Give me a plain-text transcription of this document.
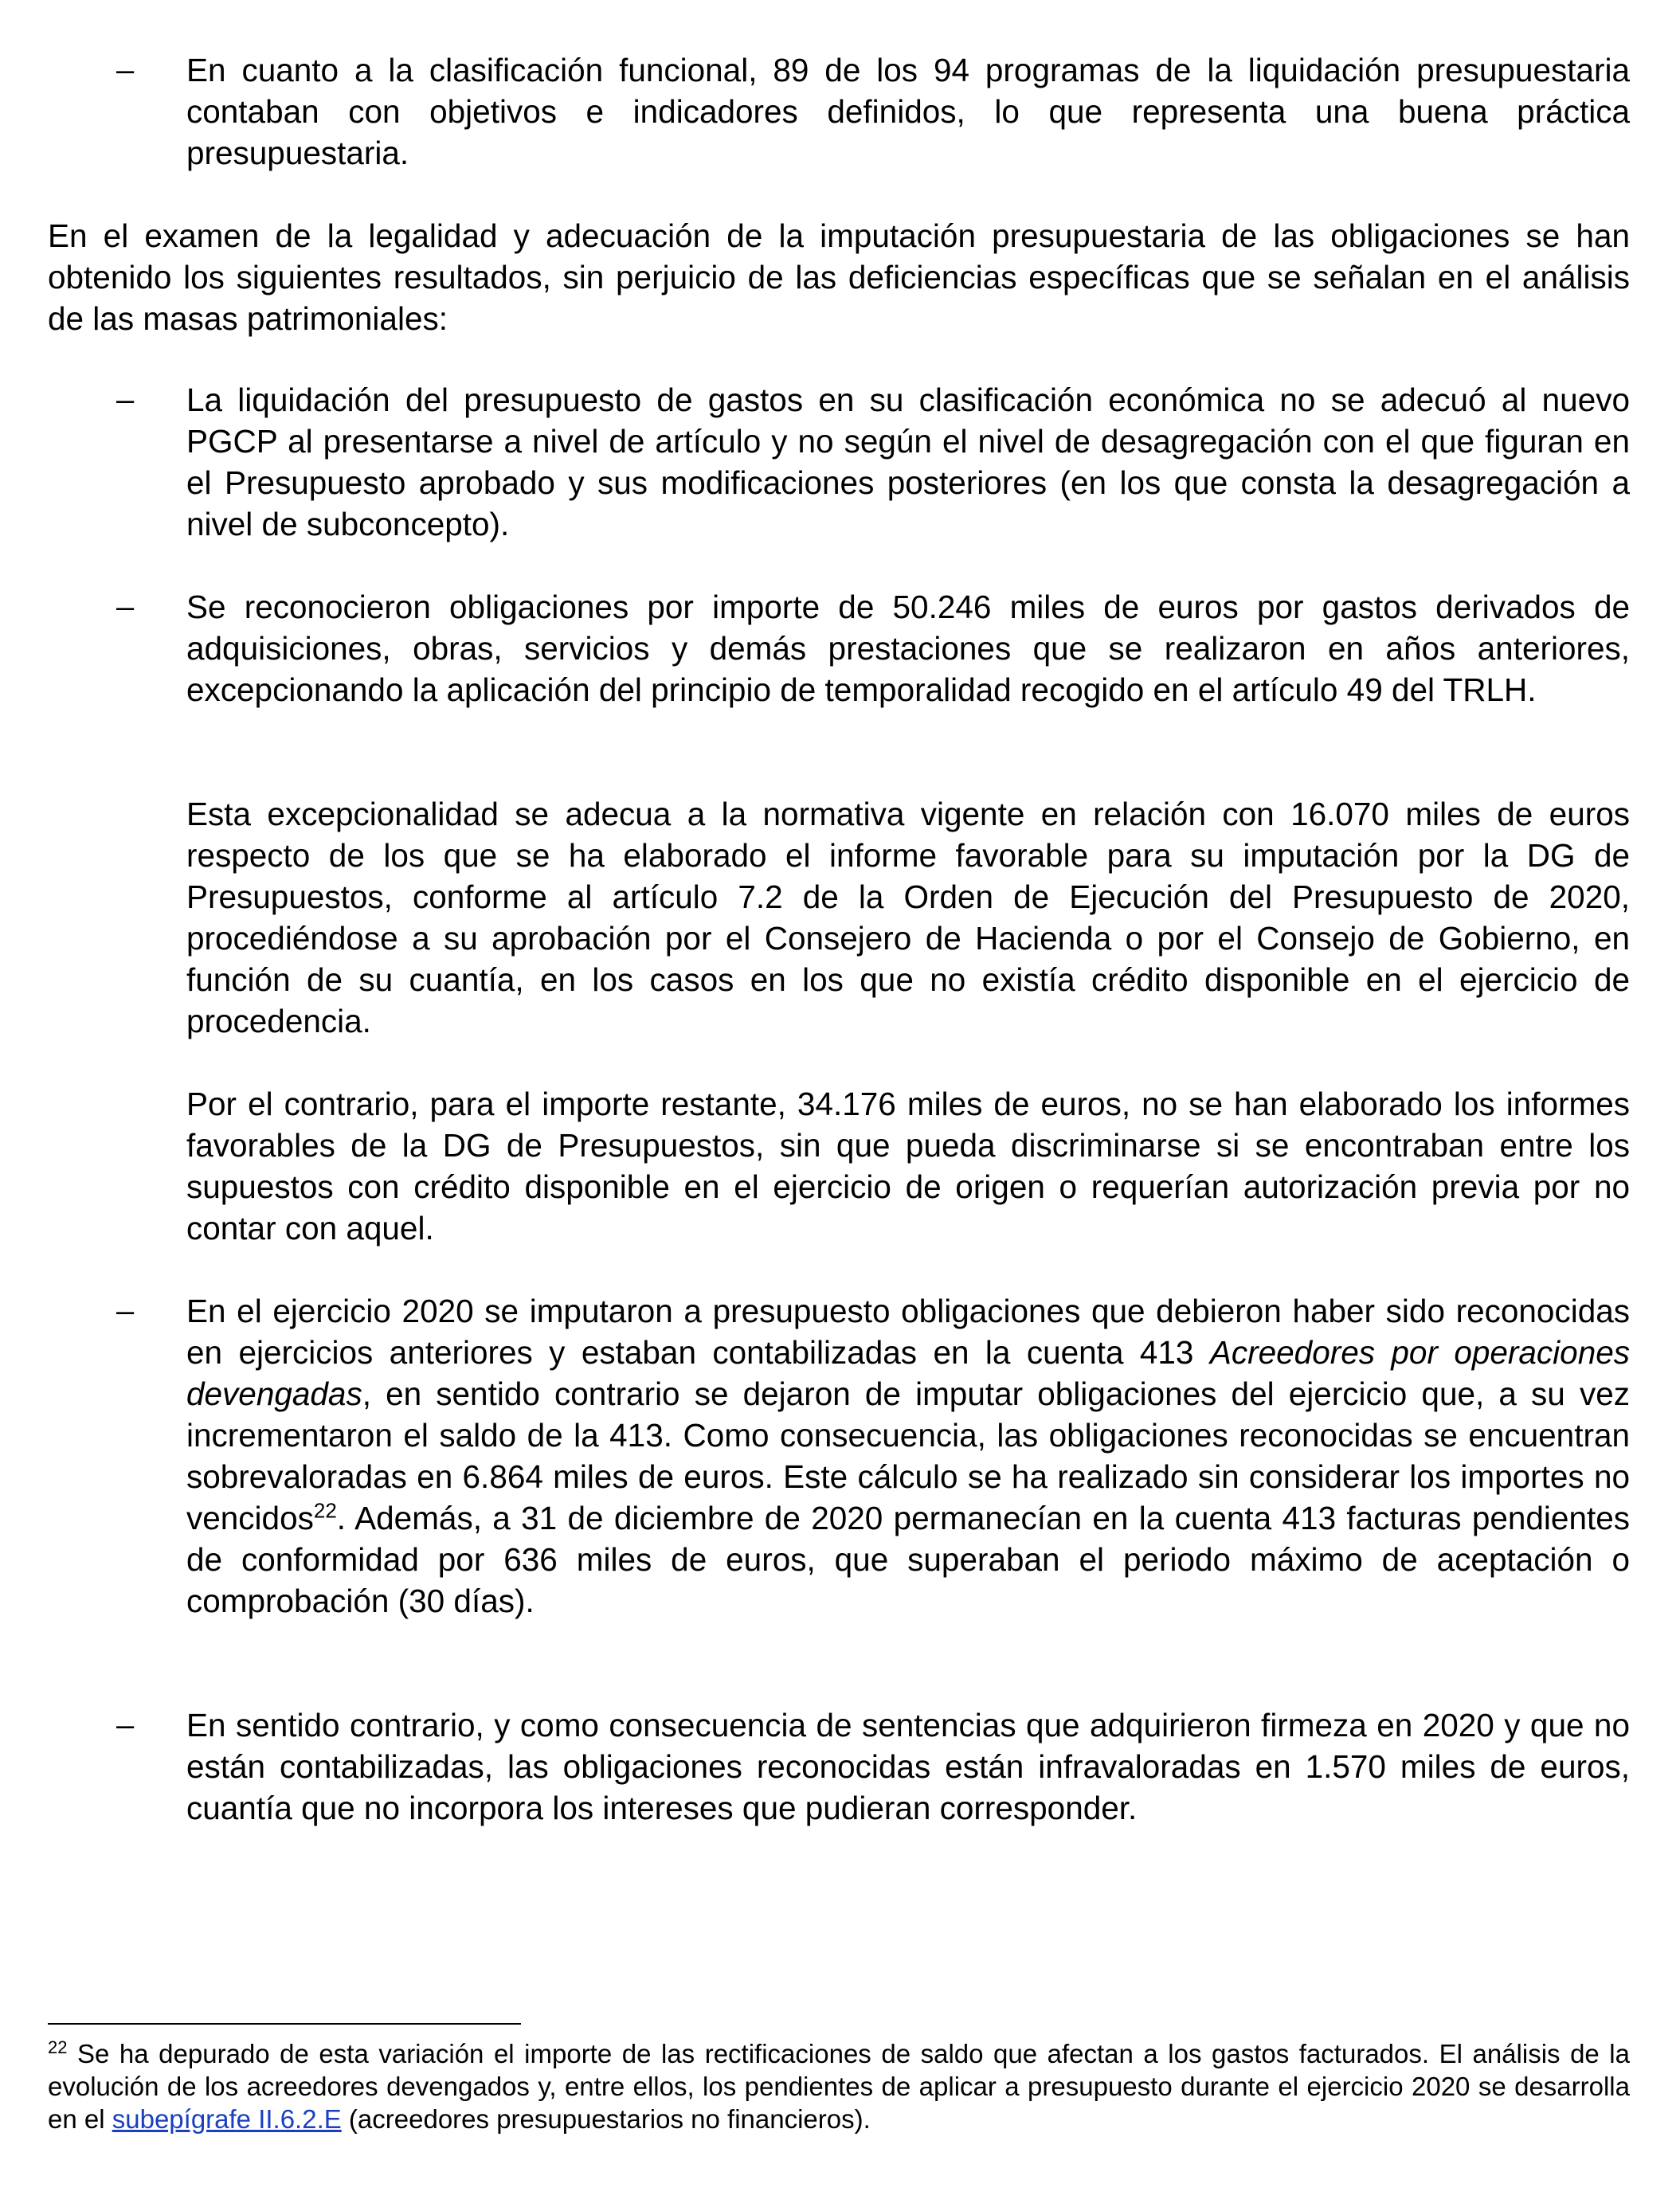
–	En cuanto a la clasificación funcional, 89 de los 94 programas de la liquidación presupuestaria contaban con objetivos e indicadores definidos, lo que representa una buena práctica presupuestaria.

En el examen de la legalidad y adecuación de la imputación presupuestaria de las obligaciones se han obtenido los siguientes resultados, sin perjuicio de las deficiencias específicas que se señalan en el análisis de las masas patrimoniales:

–	La liquidación del presupuesto de gastos en su clasificación económica no se adecuó al nuevo PGCP al presentarse a nivel de artículo y no según el nivel de desagregación con el que figuran en el Presupuesto aprobado y sus modificaciones posteriores (en los que consta la desagregación a nivel de subconcepto).

–	Se reconocieron obligaciones por importe de 50.246 miles de euros por gastos derivados de adquisiciones, obras, servicios y demás prestaciones que se realizaron en años anteriores, excepcionando la aplicación del principio de temporalidad recogido en el artículo 49 del TRLH.

Esta excepcionalidad se adecua a la normativa vigente en relación con 16.070 miles de euros respecto de los que se ha elaborado el informe favorable para su imputación por la DG de Presupuestos, conforme al artículo 7.2 de la Orden de Ejecución del Presupuesto de 2020, procediéndose a su aprobación por el Consejero de Hacienda o por el Consejo de Gobierno, en función de su cuantía, en los casos en los que no existía crédito disponible en el ejercicio de procedencia.

Por el contrario, para el importe restante, 34.176 miles de euros, no se han elaborado los informes favorables de la DG de Presupuestos, sin que pueda discriminarse si se encontraban entre los supuestos con crédito disponible en el ejercicio de origen o requerían autorización previa por no contar con aquel.

–	En el ejercicio 2020 se imputaron a presupuesto obligaciones que debieron haber sido reconocidas en ejercicios anteriores y estaban contabilizadas en la cuenta 413 Acreedores por operaciones devengadas, en sentido contrario se dejaron de imputar obligaciones del ejercicio que, a su vez incrementaron el saldo de la 413. Como consecuencia, las obligaciones reconocidas se encuentran sobrevaloradas en 6.864 miles de euros. Este cálculo se ha realizado sin considerar los importes no vencidos$^{22}$. Además, a 31 de diciembre de 2020 permanecían en la cuenta 413 facturas pendientes de conformidad por 636 miles de euros, que superaban el periodo máximo de aceptación o comprobación (30 días).

–	En sentido contrario, y como consecuencia de sentencias que adquirieron firmeza en 2020 y que no están contabilizadas, las obligaciones reconocidas están infravaloradas en 1.570 miles de euros, cuantía que no incorpora los intereses que pudieran corresponder.

$^{22}$ Se ha depurado de esta variación el importe de las rectificaciones de saldo que afectan a los gastos facturados. El análisis de la evolución de los acreedores devengados y, entre ellos, los pendientes de aplicar a presupuesto durante el ejercicio 2020 se desarrolla en el subepígrafe II.6.2.E (acreedores presupuestarios no financieros).
